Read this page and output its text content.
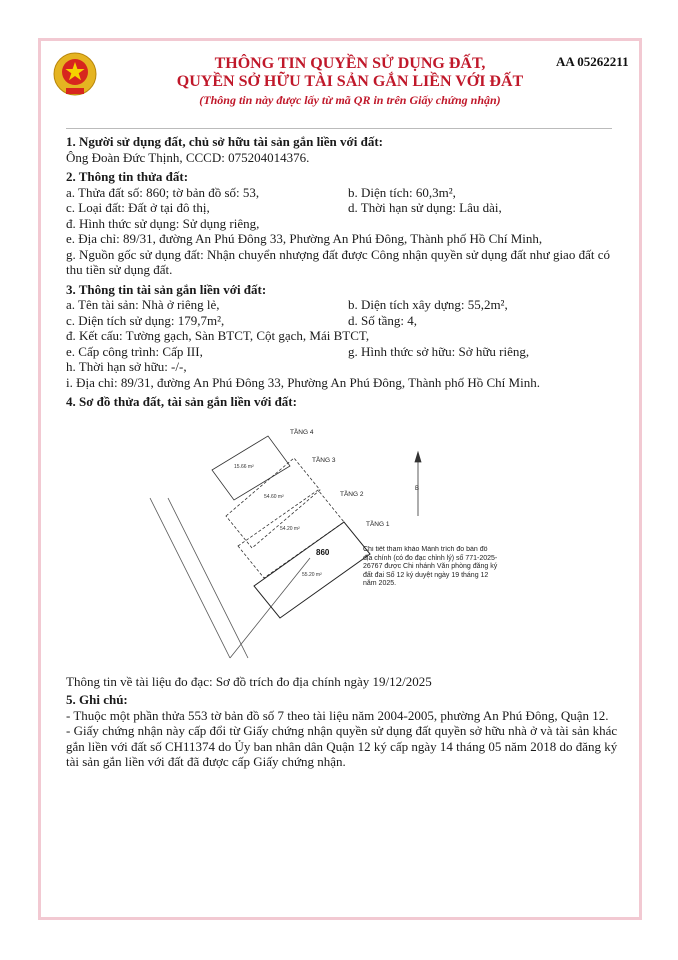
THÔNG TIN QUYỀN SỬ DỤNG ĐẤT,
QUYỀN SỞ HỮU TÀI SẢN GẮN LIỀN VỚI ĐẤT
(Thông tin này được lấy từ mã QR in trên Giấy chứng nhận)
AA 05262211

1. Người sử dụng đất, chủ sở hữu tài sản gắn liền với đất:

Ông Đoàn Đức Thịnh, CCCD: 075204014376.

2. Thông tin thửa đất:

a. Thửa đất số: 860; tờ bản đồ số: 53,	b. Diện tích: 60,3m²,
c. Loại đất: Đất ở tại đô thị,	d. Thời hạn sử dụng: Lâu dài,

đ. Hình thức sử dụng: Sử dụng riêng,

e. Địa chỉ: 89/31, đường An Phú Đông 33, Phường An Phú Đông, Thành phố Hồ Chí Minh,

g. Nguồn gốc sử dụng đất: Nhận chuyển nhượng đất được Công nhận quyền sử dụng đất như giao đất có thu tiền sử dụng đất.

3. Thông tin tài sản gắn liền với đất:

a. Tên tài sản: Nhà ở riêng lẻ,	b. Diện tích xây dựng: 55,2m²,
c. Diện tích sử dụng: 179,7m²,	d. Số tầng: 4,

đ. Kết cấu: Tường gạch, Sàn BTCT, Cột gạch, Mái BTCT,

e. Cấp công trình: Cấp III,	g. Hình thức sở hữu: Sở hữu riêng,

h. Thời hạn sở hữu: -/-,

i. Địa chỉ: 89/31, đường An Phú Đông 33, Phường An Phú Đông, Thành phố Hồ Chí Minh.

4. Sơ đồ thửa đất, tài sản gắn liền với đất:

TẦNG 4
TẦNG 3
TẦNG 2
TẦNG 1
15.66 m²
54.60 m²
54.20 m²
55.20 m²
860
B
Chi tiết tham khảo Mảnh trích đo bản đồ địa chính (có đo đạc chỉnh lý) số 771-2025-26767 được Chi nhánh Văn phòng đăng ký đất đai Số 12 ký duyệt ngày 19 tháng 12 năm 2025.
Thông tin về tài liệu đo đạc: Sơ đồ trích đo địa chính ngày 19/12/2025

5. Ghi chú:

- Thuộc một phần thửa 553 tờ bản đồ số 7 theo tài liệu năm 2004-2005, phường An Phú Đông, Quận 12.

- Giấy chứng nhận này cấp đổi từ Giấy chứng nhận quyền sử dụng đất quyền sở hữu nhà ở và tài sản khác gắn liền với đất số CH11374 do Ủy ban nhân dân Quận 12 ký cấp ngày 14 tháng 05 năm 2018 do đăng ký tài sản gắn liền với đất đã được cấp Giấy chứng nhận.
